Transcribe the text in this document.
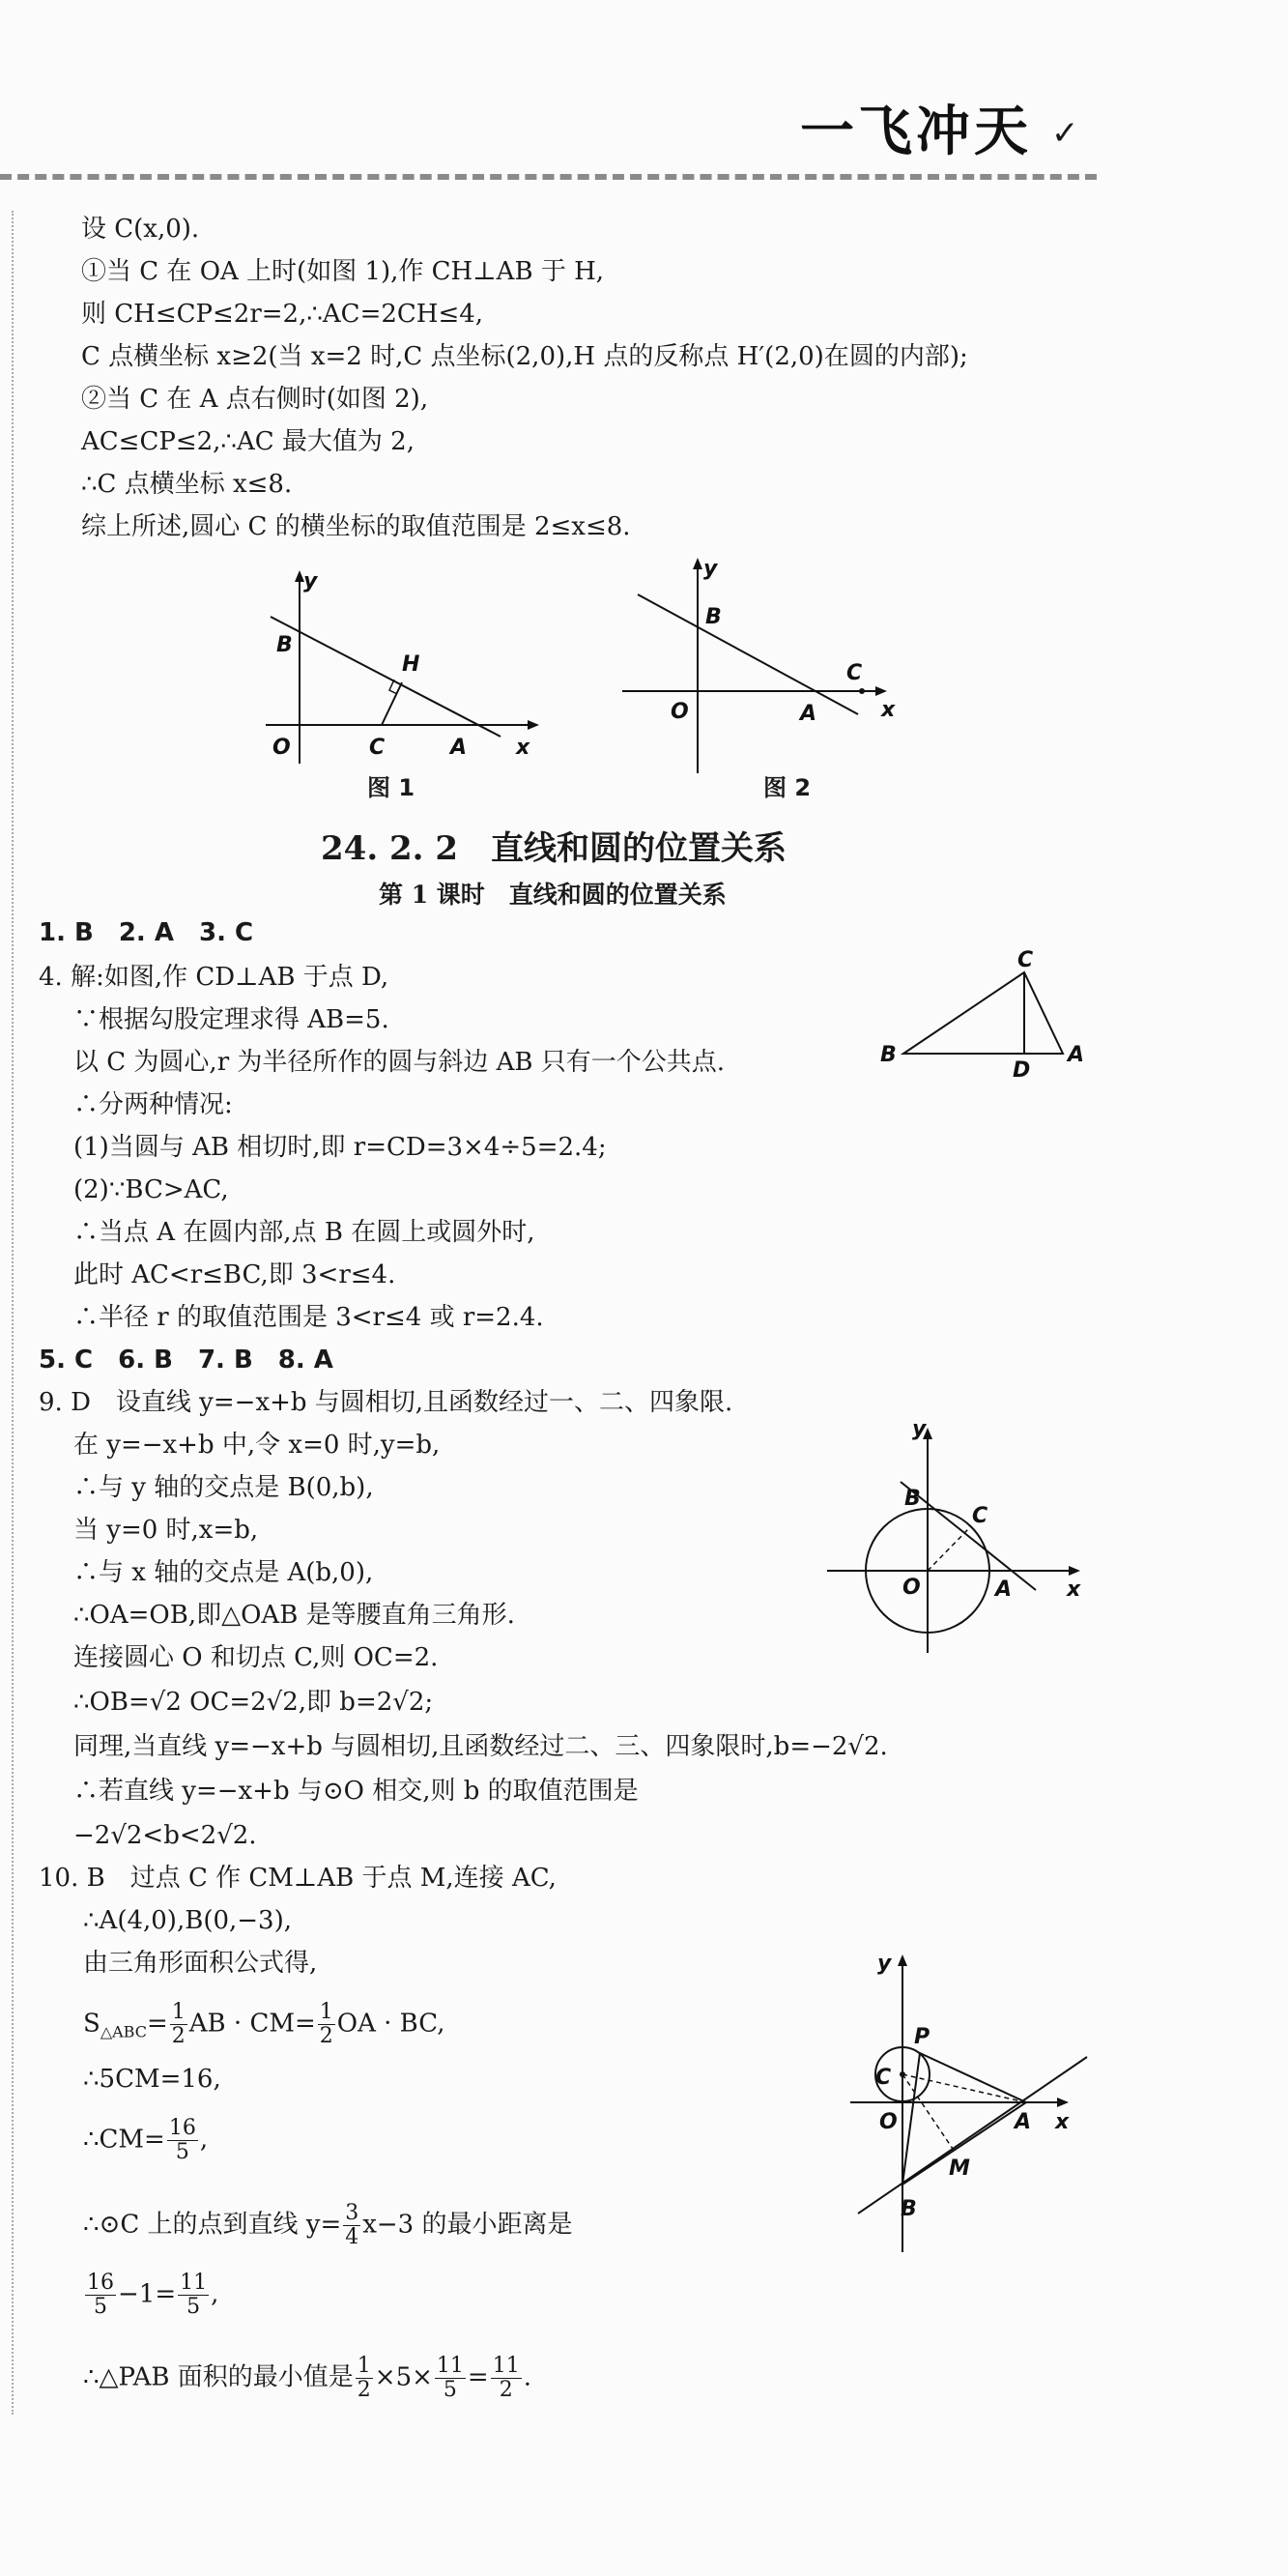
一飞冲天 ✓
设 C(x,0).
①当 C 在 OA 上时(如图 1),作 CH⊥AB 于 H,
则 CH≤CP≤2r=2,∴AC=2CH≤4,
C 点横坐标 x≥2(当 x=2 时,C 点坐标(2,0),H 点的反称点 H′(2,0)在圆的内部);
②当 C 在 A 点右侧时(如图 2),
AC≤CP≤2,∴AC 最大值为 2,
∴C 点横坐标 x≤8.
综上所述,圆心 C 的横坐标的取值范围是 2≤x≤8.
y
B
H
O	C	A x
图 1
y
B
C
O	A	x
图 2
24. 2. 2　直线和圆的位置关系
第 1 课时　直线和圆的位置关系
1. B　2. A　3. C
4. 解:如图,作 CD⊥AB 于点 D,
∵根据勾股定理求得 AB=5.
以 C 为圆心,r 为半径所作的圆与斜边 AB 只有一个公共点.
∴分两种情况:
(1)当圆与 AB 相切时,即 r=CD=3×4÷5=2.4;
(2)∵BC>AC,
∴当点 A 在圆内部,点 B 在圆上或圆外时,
此时 AC<r≤BC,即 3<r≤4.
∴半径 r 的取值范围是 3<r≤4 或 r=2.4.
C
B
D
A
5. C　6. B　7. B　8. A
9. D　设直线 y=−x+b 与圆相切,且函数经过一、二、四象限.
在 y=−x+b 中,令 x=0 时,y=b,
∴与 y 轴的交点是 B(0,b),
当 y=0 时,x=b,
∴与 x 轴的交点是 A(b,0),
∴OA=OB,即△OAB 是等腰直角三角形.
连接圆心 O 和切点 C,则 OC=2.
∴OB=√2 OC=2√2,即 b=2√2;
同理,当直线 y=−x+b 与圆相切,且函数经过二、三、四象限时,b=−2√2.
∴若直线 y=−x+b 与⊙O 相交,则 b 的取值范围是
−2√2<b<2√2.
y
B
C
O	A	x
10. B　过点 C 作 CM⊥AB 于点 M,连接 AC,
∴A(4,0),B(0,−3),
由三角形面积公式得,
$S_{\triangle ABC}= \frac{1}{2}$ AB · $CM= \frac{1}{2}$ OA · BC,
∴5CM=16,
∴CM= $\frac{16}{5}$ ,
∴⊙C 上的点到直线 $y= \frac{3}{4} x-3$ 的最小距离是
$\frac{16}{5} -1= \frac{11}{5}$ ,
∴△PAB 面积的最小值是 $\frac{1}{2} \times 5\times \frac{11}{5} = \frac{11}{2}$ .
y
P
C
O	A x
M
B
